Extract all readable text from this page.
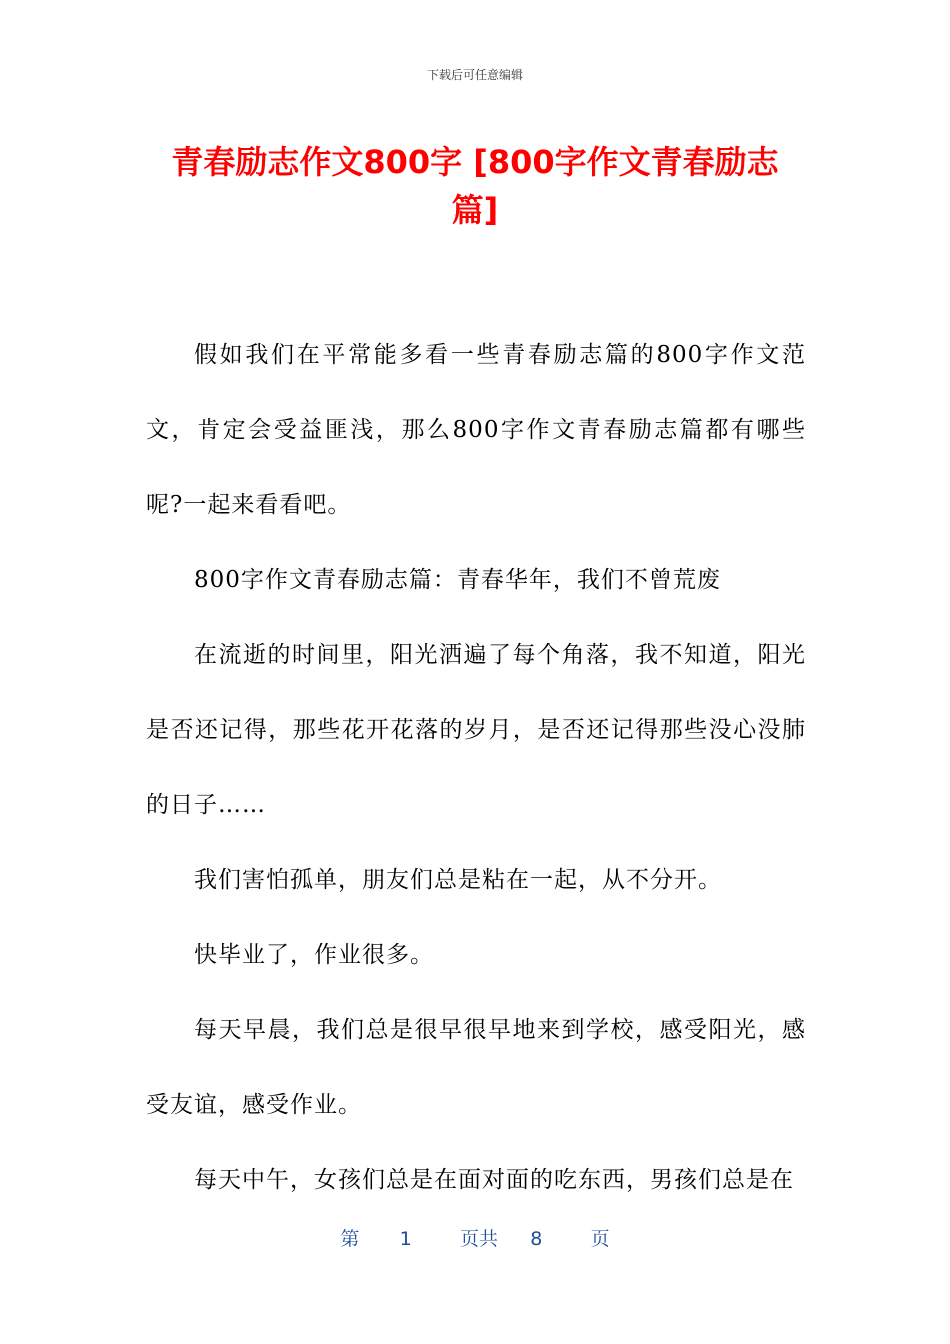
下载后可任意编辑
青春励志作文800字 [800字作文青春励志篇]

假如我们在平常能多看一些青春励志篇的800字作文范文，肯定会受益匪浅，那么800字作文青春励志篇都有哪些呢?一起来看看吧。

800字作文青春励志篇：青春华年，我们不曾荒废

在流逝的时间里，阳光洒遍了每个角落，我不知道，阳光是否还记得，那些花开花落的岁月，是否还记得那些没心没肺的日子……

我们害怕孤单，朋友们总是粘在一起，从不分开。

快毕业了，作业很多。

每天早晨，我们总是很早很早地来到学校，感受阳光，感受友谊，感受作业。

每天中午，女孩们总是在面对面的吃东西，男孩们总是在

第 1	页共 8	页
